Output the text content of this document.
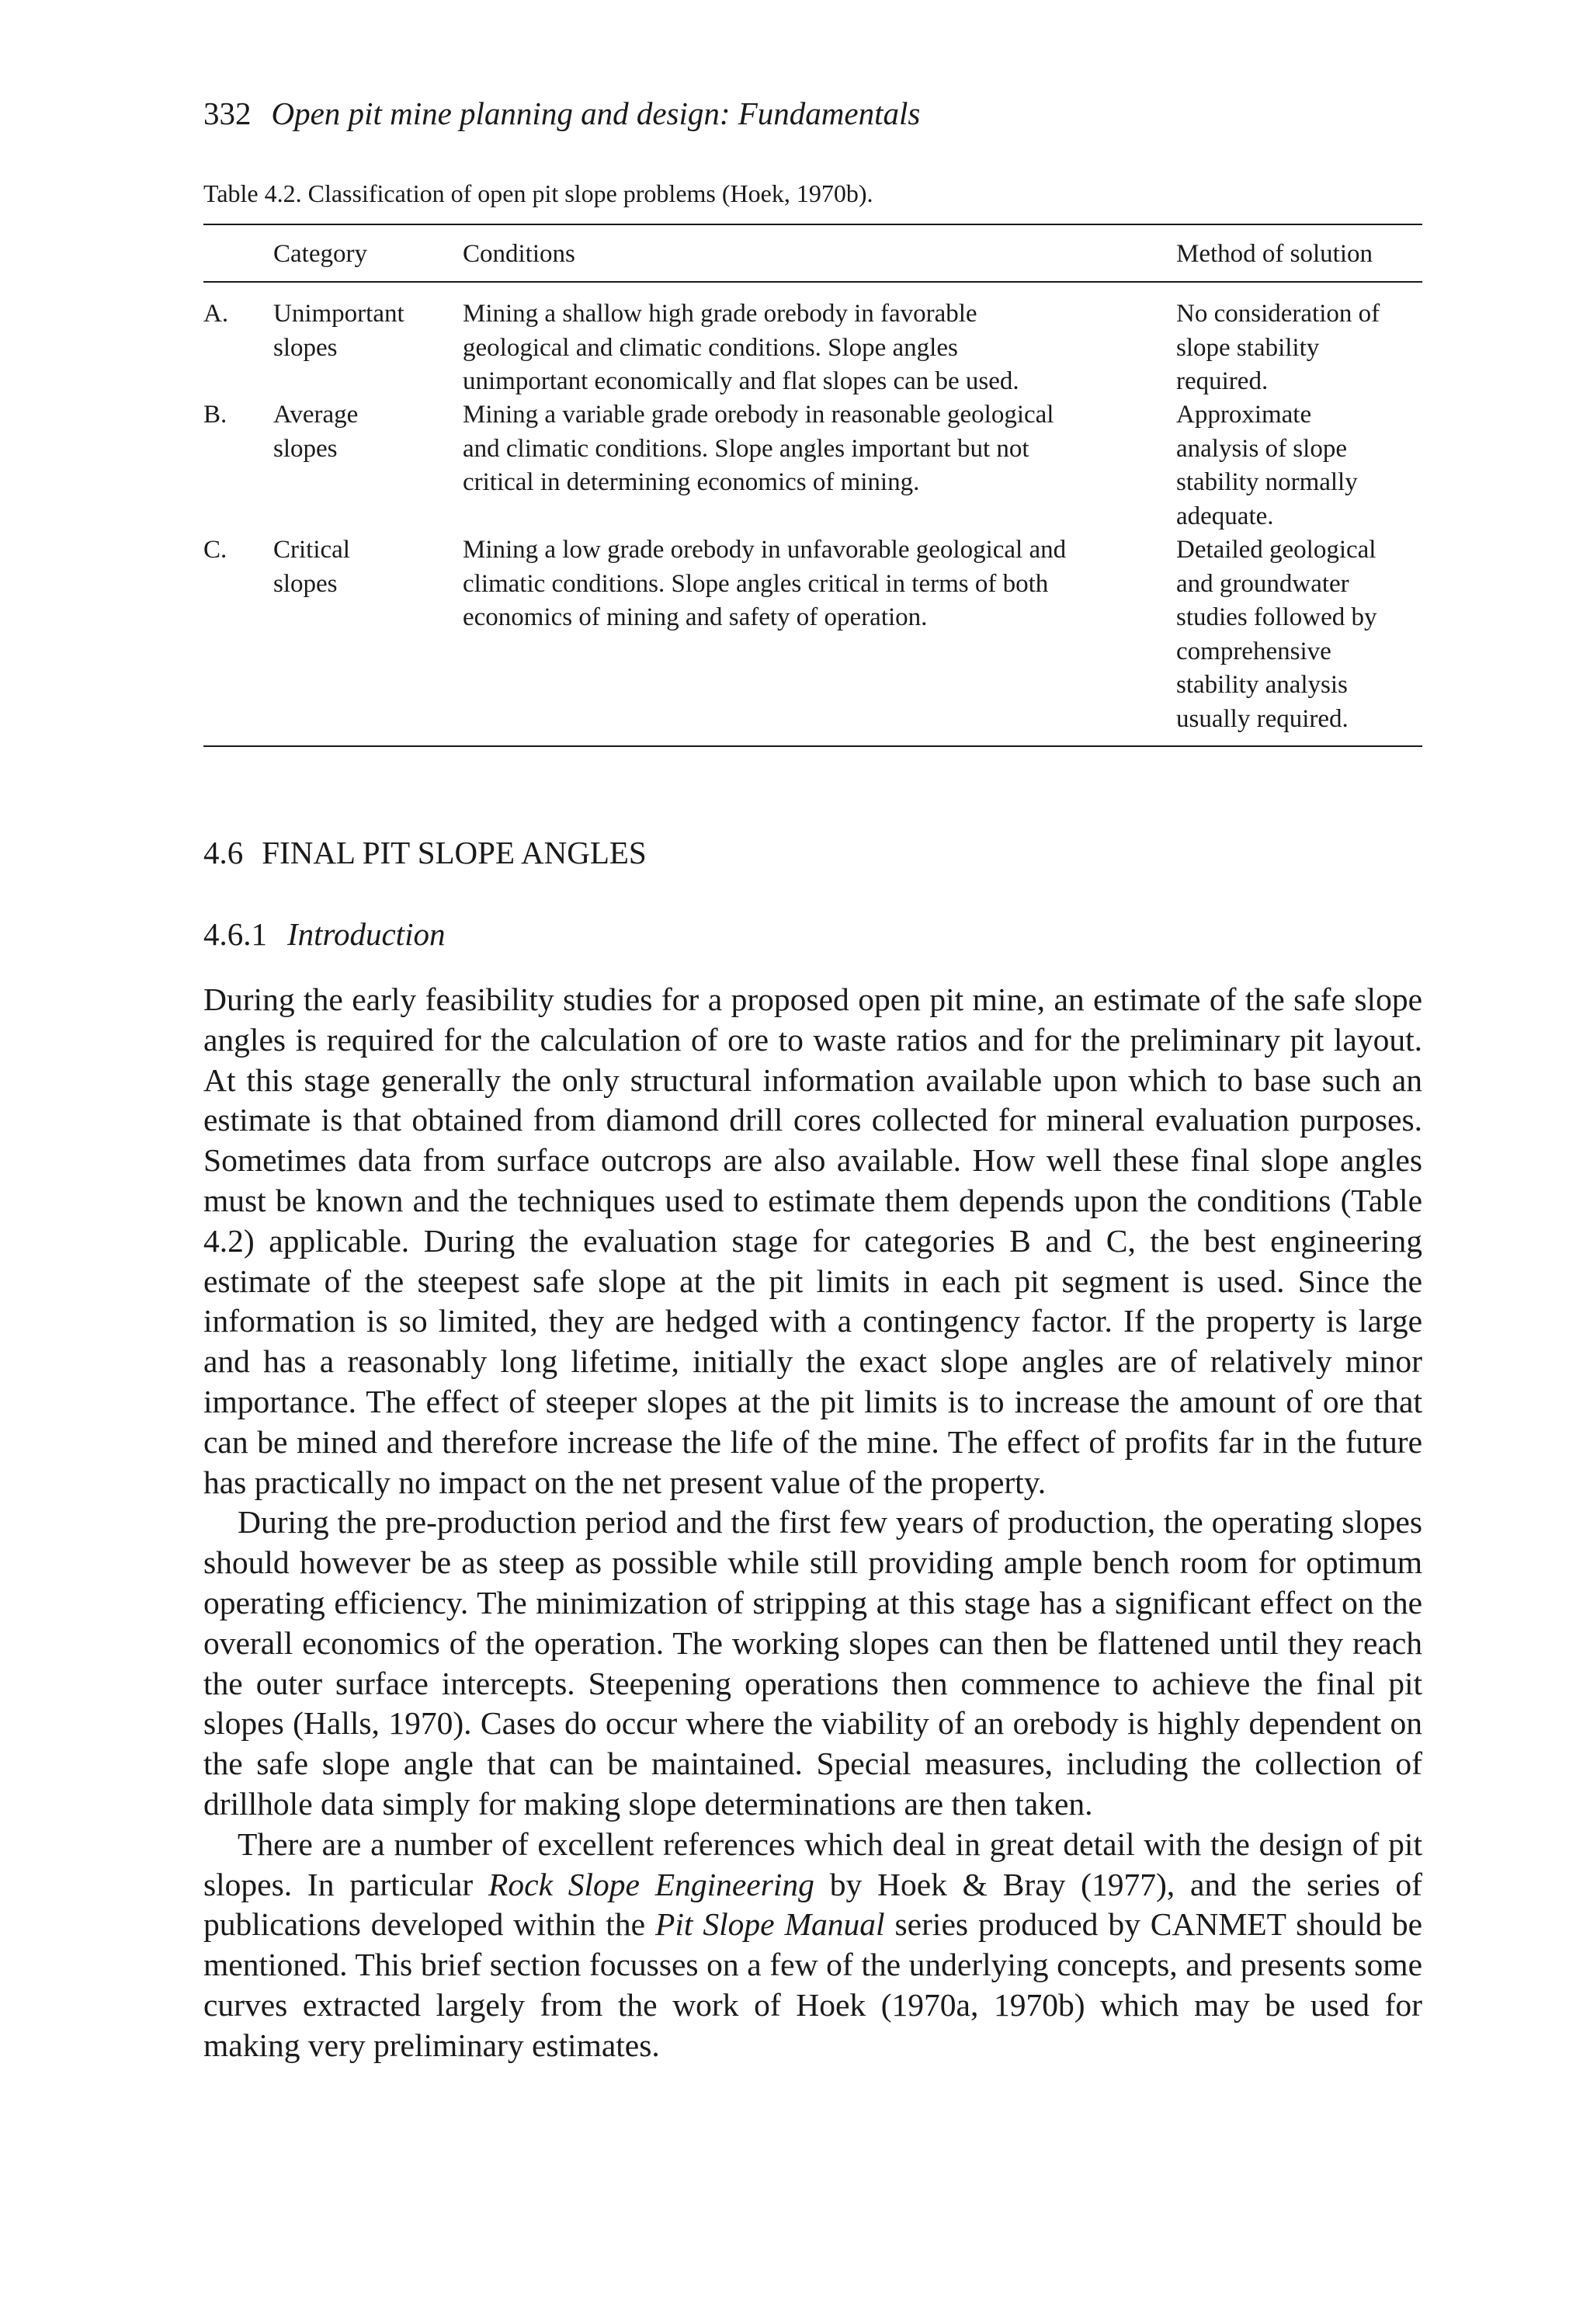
332 Open pit mine planning and design: Fundamentals
Table 4.2. Classification of open pit slope problems (Hoek, 1970b).
Category	Conditions	Method of solution
A. Unimportant
slopes
Mining a shallow high grade orebody in favorable
geological and climatic conditions. Slope angles
unimportant economically and flat slopes can be used.
No consideration of
slope stability
required.
B. Average
slopes
Mining a variable grade orebody in reasonable geological
and climatic conditions. Slope angles important but not
critical in determining economics of mining.
Approximate
analysis of slope
stability normally
adequate.
C. Critical
slopes
Mining a low grade orebody in unfavorable geological and
climatic conditions. Slope angles critical in terms of both
economics of mining and safety of operation.
Detailed geological
and groundwater
studies followed by
comprehensive
stability analysis
usually required.
4.6 FINAL PIT SLOPE ANGLES
4.6.1 Introduction

During the early feasibility studies for a proposed open pit mine, an estimate of the safe slope angles is required for the calculation of ore to waste ratios and for the preliminary pit layout. At this stage generally the only structural information available upon which to base such an estimate is that obtained from diamond drill cores collected for mineral evaluation purposes. Sometimes data from surface outcrops are also available. How well these final slope angles must be known and the techniques used to estimate them depends upon the conditions (Table 4.2) applicable. During the evaluation stage for categories B and C, the best engineering estimate of the steepest safe slope at the pit limits in each pit segment is used. Since the information is so limited, they are hedged with a contingency factor. If the property is large and has a reasonably long lifetime, initially the exact slope angles are of relatively minor importance. The effect of steeper slopes at the pit limits is to increase the amount of ore that can be mined and therefore increase the life of the mine. The effect of profits far in the future has practically no impact on the net present value of the property.

During the pre-production period and the first few years of production, the operating slopes should however be as steep as possible while still providing ample bench room for optimum operating efficiency. The minimization of stripping at this stage has a significant effect on the overall economics of the operation. The working slopes can then be flattened until they reach the outer surface intercepts. Steepening operations then commence to achieve the final pit slopes (Halls, 1970). Cases do occur where the viability of an orebody is highly dependent on the safe slope angle that can be maintained. Special measures, including the collection of drillhole data simply for making slope determinations are then taken.

There are a number of excellent references which deal in great detail with the design of pit slopes. In particular Rock Slope Engineering by Hoek & Bray (1977), and the series of publications developed within the Pit Slope Manual series produced by CANMET should be mentioned. This brief section focusses on a few of the underlying concepts, and presents some curves extracted largely from the work of Hoek (1970a, 1970b) which may be used for making very preliminary estimates.
